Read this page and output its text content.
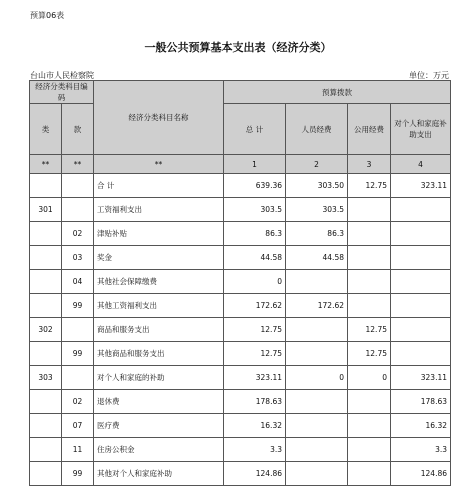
预算06表
一般公共预算基本支出表（经济分类）
台山市人民检察院	单位：万元
经济分类科目编码		经济分类科目名称	预算拨款			

类	款		总 计	人员经费	公用经费	对个人和家庭补助支出
**	**	**	1	2	3	4
		合 计	639.36	303.50	12.75	323.11
301		工资福利支出	303.5	303.5		
	02	津贴补贴	86.3	86.3		
	03	奖金	44.58	44.58		
	04	其他社会保障缴费	0			
	99	其他工资福利支出	172.62	172.62		
302		商品和服务支出	12.75		12.75	
	99	其他商品和服务支出	12.75		12.75	
303		对个人和家庭的补助	323.11	0	0	323.11
	02	退休费	178.63			178.63
	07	医疗费	16.32			16.32
	11	住房公积金	3.3			3.3
	99	其他对个人和家庭补助	124.86			124.86
